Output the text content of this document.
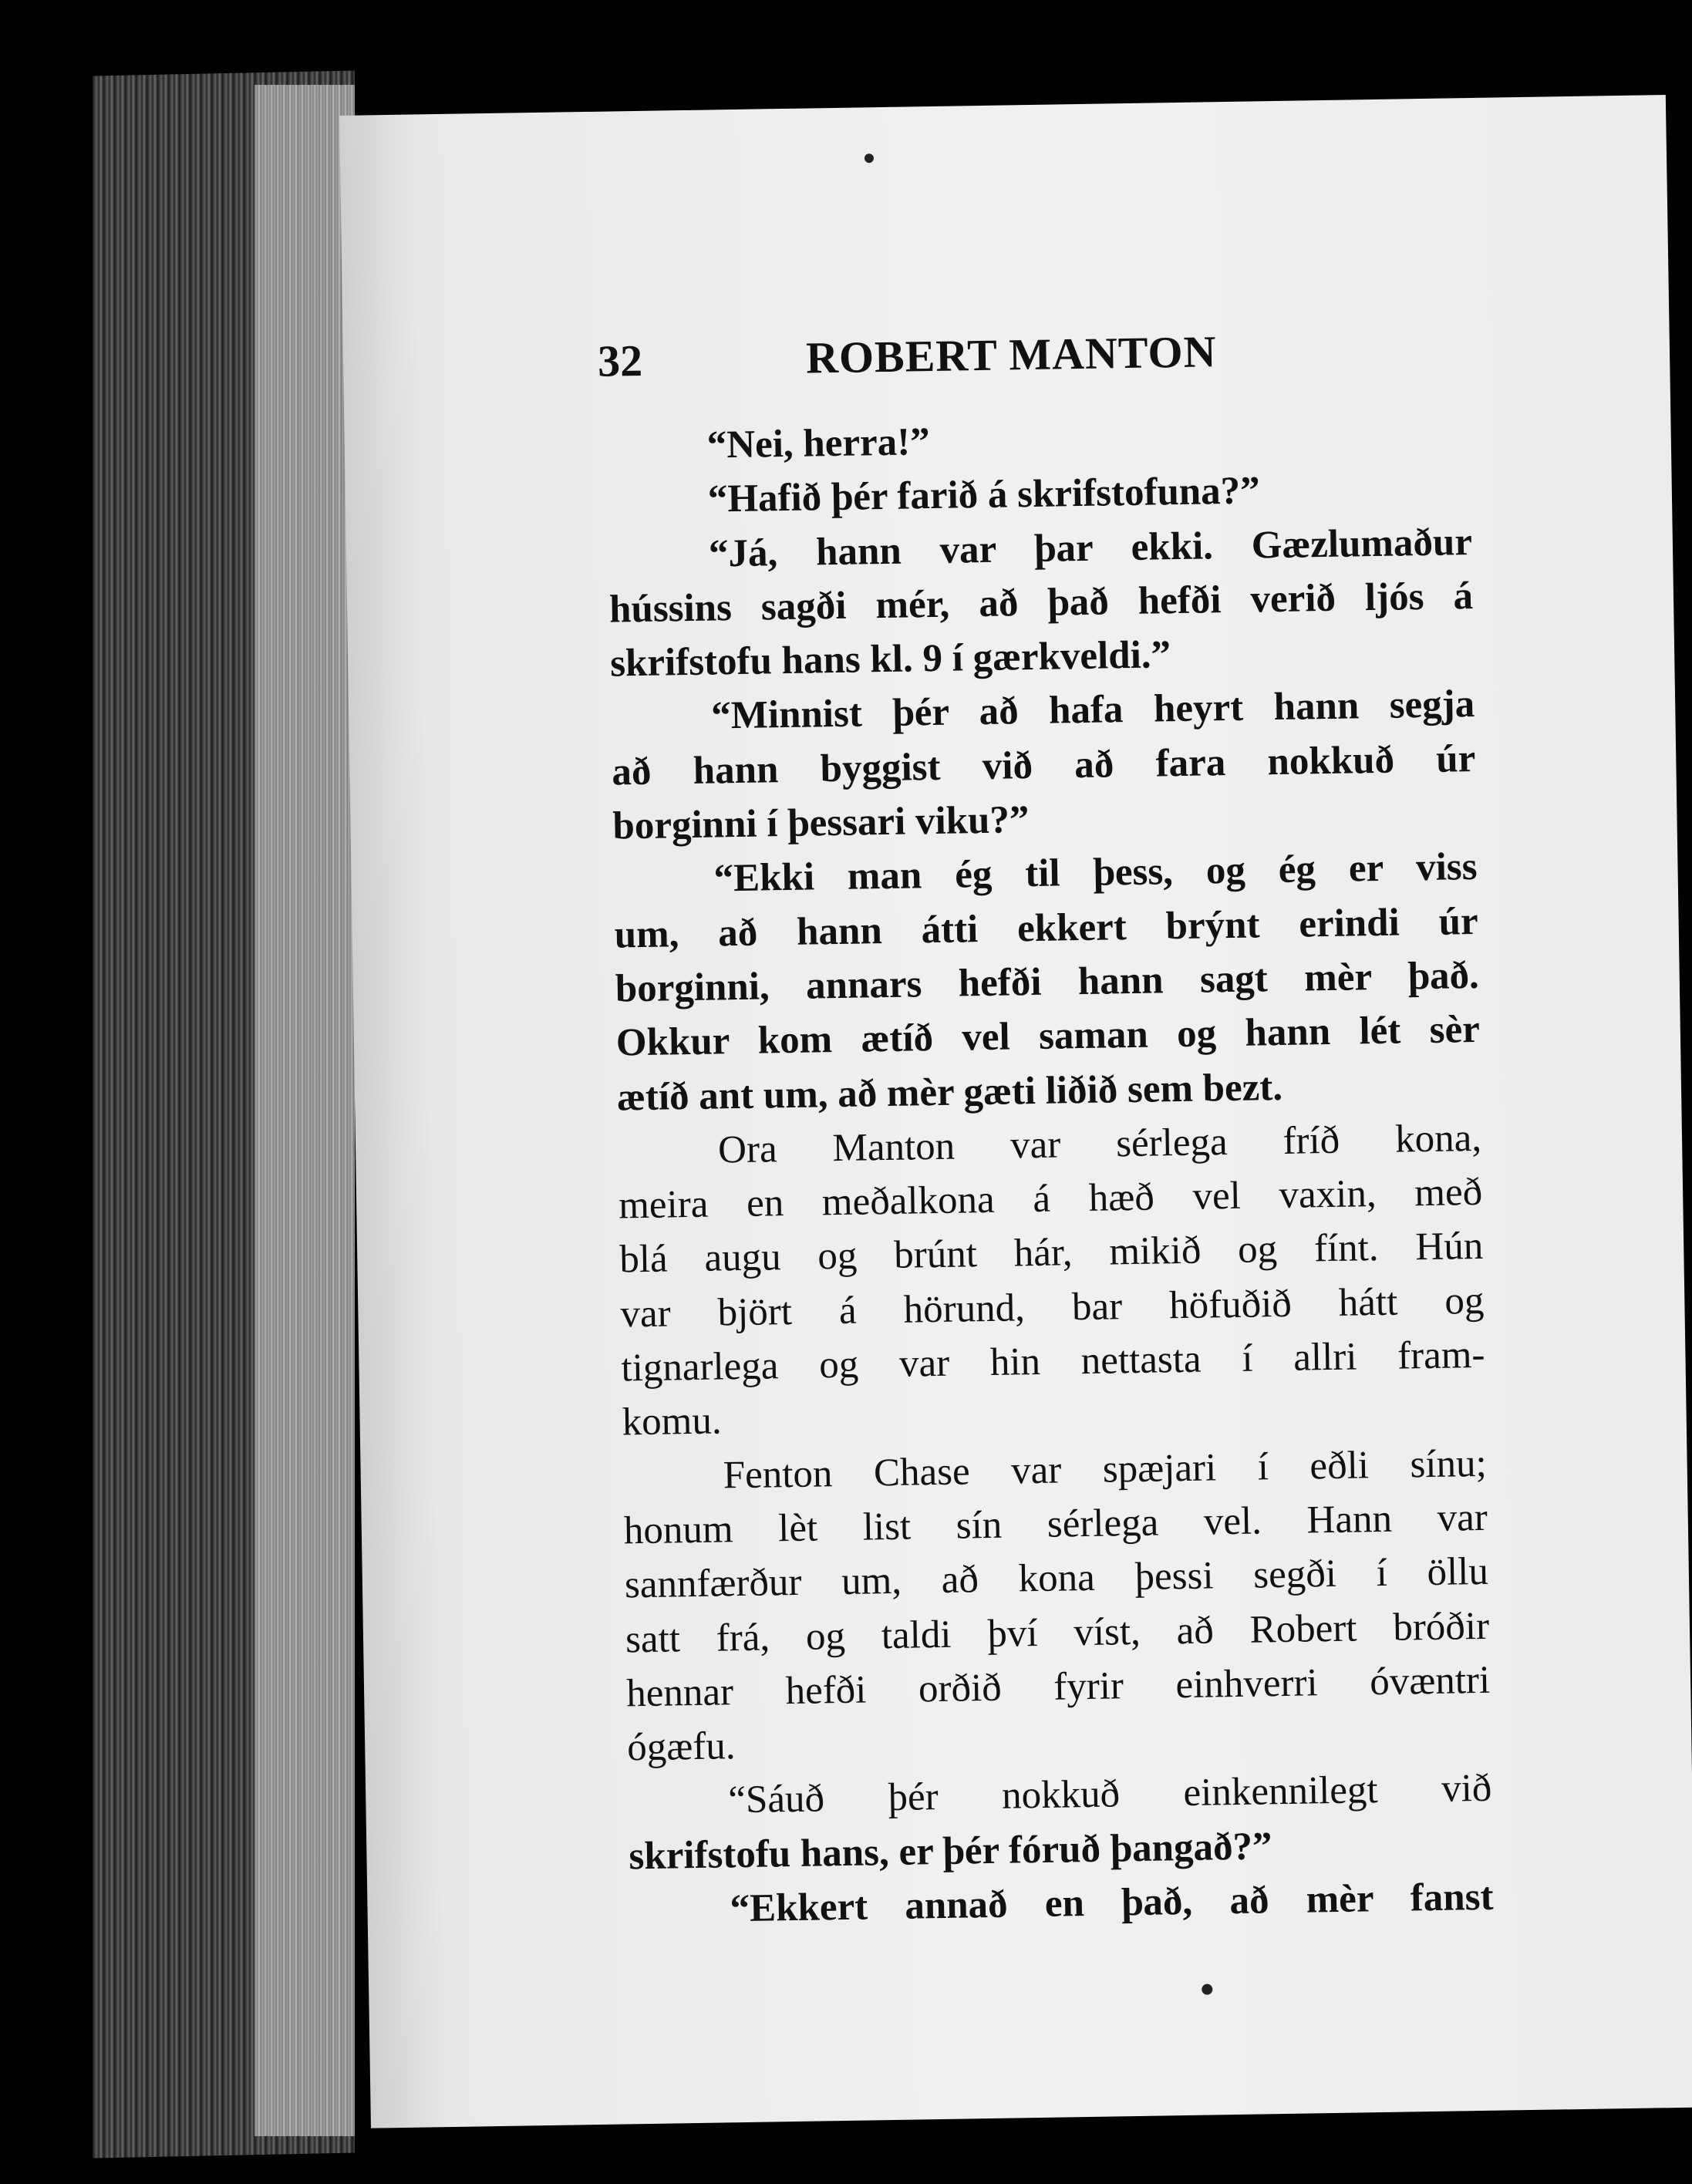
32	ROBERT MANTON
“Nei, herra!”
“Hafið þér farið á skrifstofuna?”
“Já, hann var þar ekki. Gæzlumaður
hússins sagði mér, að það hefði verið ljós á
skrifstofu hans kl. 9 í gærkveldi.”
“Minnist þér að hafa heyrt hann segja
að hann byggist við að fara nokkuð úr
borginni í þessari viku?”
“Ekki man ég til þess, og ég er viss
um, að hann átti ekkert brýnt erindi úr
borginni, annars hefði hann sagt mèr það.
Okkur kom ætíð vel saman og hann lét sèr
ætíð ant um, að mèr gæti liðið sem bezt.
Ora Manton var sérlega fríð kona,
meira en meðalkona á hæð vel vaxin, með
blá augu og brúnt hár, mikið og fínt. Hún
var björt á hörund, bar höfuðið hátt og
tignarlega og var hin nettasta í allri fram-
komu.
Fenton Chase var spæjari í eðli sínu;
honum lèt list sín sérlega vel. Hann var
sannfærður um, að kona þessi segði í öllu
satt frá, og taldi því víst, að Robert bróðir
hennar hefði orðið fyrir einhverri óvæntri
ógæfu.
“Sáuð þér nokkuð einkennilegt við
skrifstofu hans, er þér fóruð þangað?”
“Ekkert annað en það, að mèr fanst
